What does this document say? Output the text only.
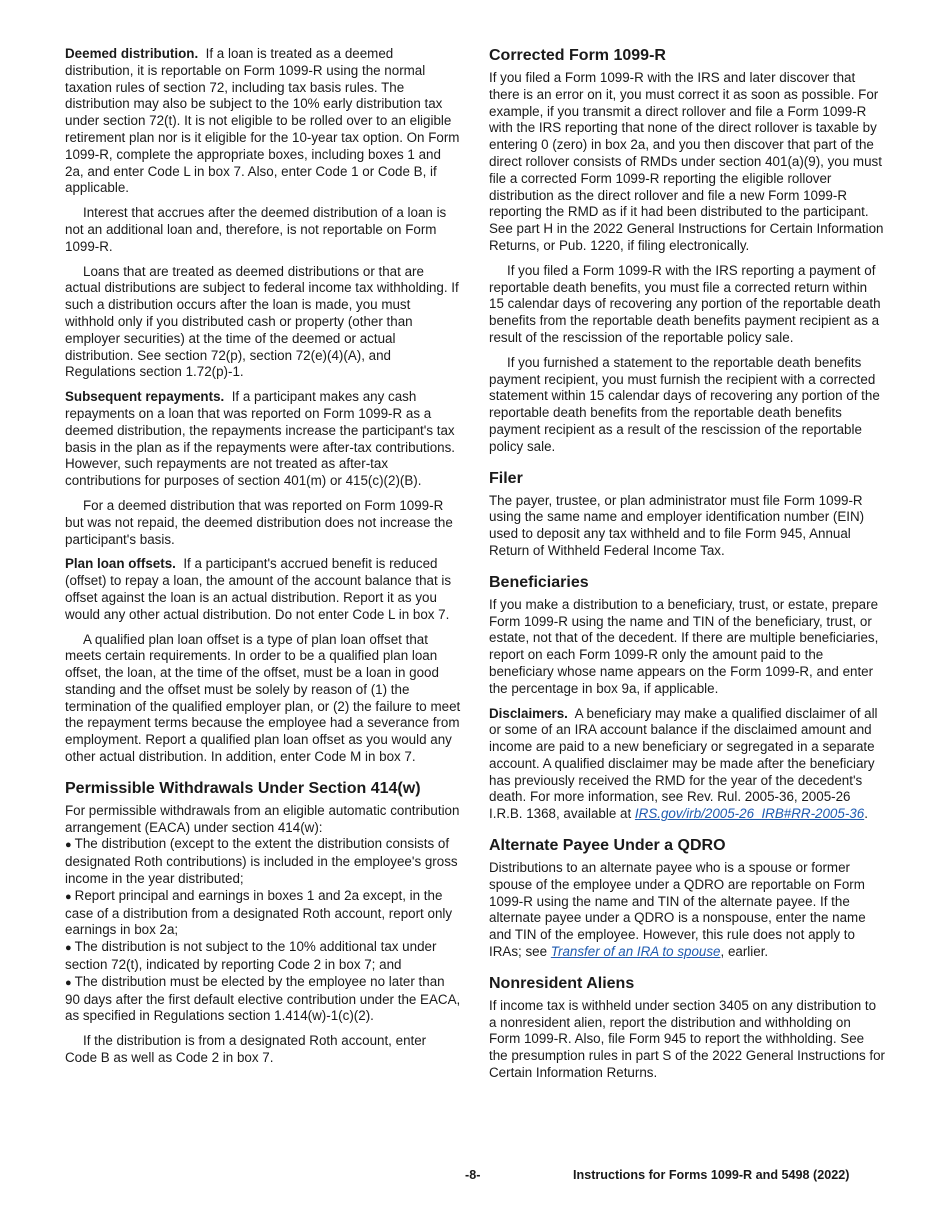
Deemed distribution. If a loan is treated as a deemed distribution, it is reportable on Form 1099-R using the normal taxation rules of section 72, including tax basis rules. The distribution may also be subject to the 10% early distribution tax under section 72(t). It is not eligible to be rolled over to an eligible retirement plan nor is it eligible for the 10-year tax option. On Form 1099-R, complete the appropriate boxes, including boxes 1 and 2a, and enter Code L in box 7. Also, enter Code 1 or Code B, if applicable.

Interest that accrues after the deemed distribution of a loan is not an additional loan and, therefore, is not reportable on Form 1099-R.

Loans that are treated as deemed distributions or that are actual distributions are subject to federal income tax withholding. If such a distribution occurs after the loan is made, you must withhold only if you distributed cash or property (other than employer securities) at the time of the deemed or actual distribution. See section 72(p), section 72(e)(4)(A), and Regulations section 1.72(p)-1.

Subsequent repayments. If a participant makes any cash repayments on a loan that was reported on Form 1099-R as a deemed distribution, the repayments increase the participant's tax basis in the plan as if the repayments were after-tax contributions. However, such repayments are not treated as after-tax contributions for purposes of section 401(m) or 415(c)(2)(B).

For a deemed distribution that was reported on Form 1099-R but was not repaid, the deemed distribution does not increase the participant's basis.

Plan loan offsets. If a participant's accrued benefit is reduced (offset) to repay a loan, the amount of the account balance that is offset against the loan is an actual distribution. Report it as you would any other actual distribution. Do not enter Code L in box 7.

A qualified plan loan offset is a type of plan loan offset that meets certain requirements. In order to be a qualified plan loan offset, the loan, at the time of the offset, must be a loan in good standing and the offset must be solely by reason of (1) the termination of the qualified employer plan, or (2) the failure to meet the repayment terms because the employee had a severance from employment. Report a qualified plan loan offset as you would any other actual distribution. In addition, enter Code M in box 7.

Permissible Withdrawals Under Section 414(w)

For permissible withdrawals from an eligible automatic contribution arrangement (EACA) under section 414(w):

● The distribution (except to the extent the distribution consists of designated Roth contributions) is included in the employee's gross income in the year distributed;

● Report principal and earnings in boxes 1 and 2a except, in the case of a distribution from a designated Roth account, report only earnings in box 2a;

● The distribution is not subject to the 10% additional tax under section 72(t), indicated by reporting Code 2 in box 7; and

● The distribution must be elected by the employee no later than 90 days after the first default elective contribution under the EACA, as specified in Regulations section 1.414(w)-1(c)(2).

If the distribution is from a designated Roth account, enter Code B as well as Code 2 in box 7.

Corrected Form 1099-R

If you filed a Form 1099-R with the IRS and later discover that there is an error on it, you must correct it as soon as possible. For example, if you transmit a direct rollover and file a Form 1099-R with the IRS reporting that none of the direct rollover is taxable by entering 0 (zero) in box 2a, and you then discover that part of the direct rollover consists of RMDs under section 401(a)(9), you must file a corrected Form 1099-R reporting the eligible rollover distribution as the direct rollover and file a new Form 1099-R reporting the RMD as if it had been distributed to the participant. See part H in the 2022 General Instructions for Certain Information Returns, or Pub. 1220, if filing electronically.

If you filed a Form 1099-R with the IRS reporting a payment of reportable death benefits, you must file a corrected return within 15 calendar days of recovering any portion of the reportable death benefits from the reportable death benefits payment recipient as a result of the rescission of the reportable policy sale.

If you furnished a statement to the reportable death benefits payment recipient, you must furnish the recipient with a corrected statement within 15 calendar days of recovering any portion of the reportable death benefits from the reportable death benefits payment recipient as a result of the rescission of the reportable policy sale.

Filer

The payer, trustee, or plan administrator must file Form 1099-R using the same name and employer identification number (EIN) used to deposit any tax withheld and to file Form 945, Annual Return of Withheld Federal Income Tax.

Beneficiaries

If you make a distribution to a beneficiary, trust, or estate, prepare Form 1099-R using the name and TIN of the beneficiary, trust, or estate, not that of the decedent. If there are multiple beneficiaries, report on each Form 1099-R only the amount paid to the beneficiary whose name appears on the Form 1099-R, and enter the percentage in box 9a, if applicable.

Disclaimers. A beneficiary may make a qualified disclaimer of all or some of an IRA account balance if the disclaimed amount and income are paid to a new beneficiary or segregated in a separate account. A qualified disclaimer may be made after the beneficiary has previously received the RMD for the year of the decedent's death. For more information, see Rev. Rul. 2005-36, 2005-26 I.R.B. 1368, available at IRS.gov/irb/2005-26_IRB#RR-2005-36.

Alternate Payee Under a QDRO

Distributions to an alternate payee who is a spouse or former spouse of the employee under a QDRO are reportable on Form 1099-R using the name and TIN of the alternate payee. If the alternate payee under a QDRO is a nonspouse, enter the name and TIN of the employee. However, this rule does not apply to IRAs; see Transfer of an IRA to spouse, earlier.

Nonresident Aliens

If income tax is withheld under section 3405 on any distribution to a nonresident alien, report the distribution and withholding on Form 1099-R. Also, file Form 945 to report the withholding. See the presumption rules in part S of the 2022 General Instructions for Certain Information Returns.

-8-	Instructions for Forms 1099-R and 5498 (2022)
